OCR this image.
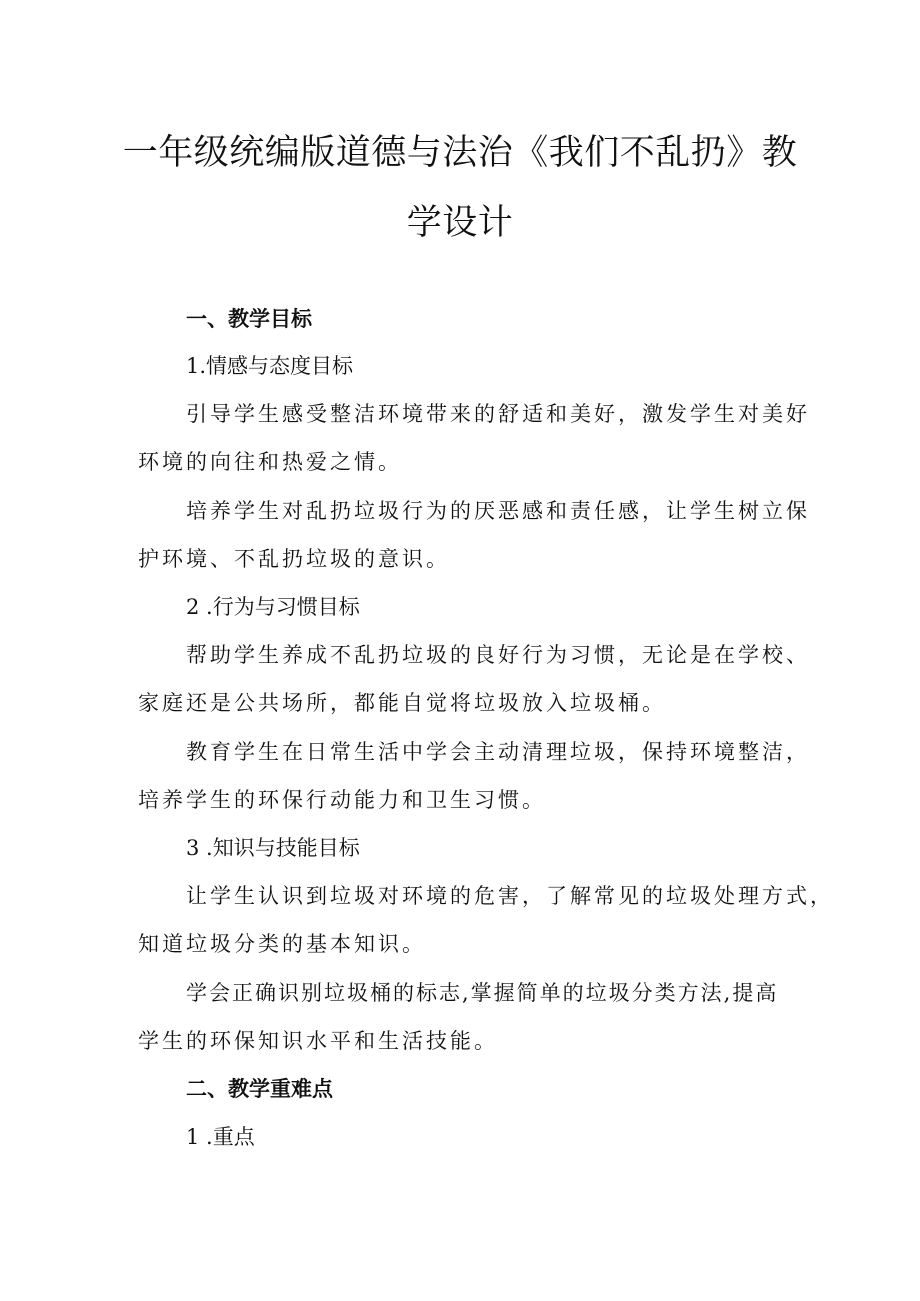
一年级统编版道德与法治《我们不乱扔》教
学设计
一、教学目标
1.情感与态度目标
引导学生感受整洁环境带来的舒适和美好，激发学生对美好
环境的向往和热爱之情。
培养学生对乱扔垃圾行为的厌恶感和责任感，让学生树立保
护环境、不乱扔垃圾的意识。
2 .行为与习惯目标
帮助学生养成不乱扔垃圾的良好行为习惯，无论是在学校、
家庭还是公共场所，都能自觉将垃圾放入垃圾桶。
教育学生在日常生活中学会主动清理垃圾，保持环境整洁，
培养学生的环保行动能力和卫生习惯。
3 .知识与技能目标
让学生认识到垃圾对环境的危害，了解常见的垃圾处理方式，
知道垃圾分类的基本知识。
学会正确识别垃圾桶的标志,掌握简单的垃圾分类方法,提高
学生的环保知识水平和生活技能。
二、教学重难点
1 .重点
